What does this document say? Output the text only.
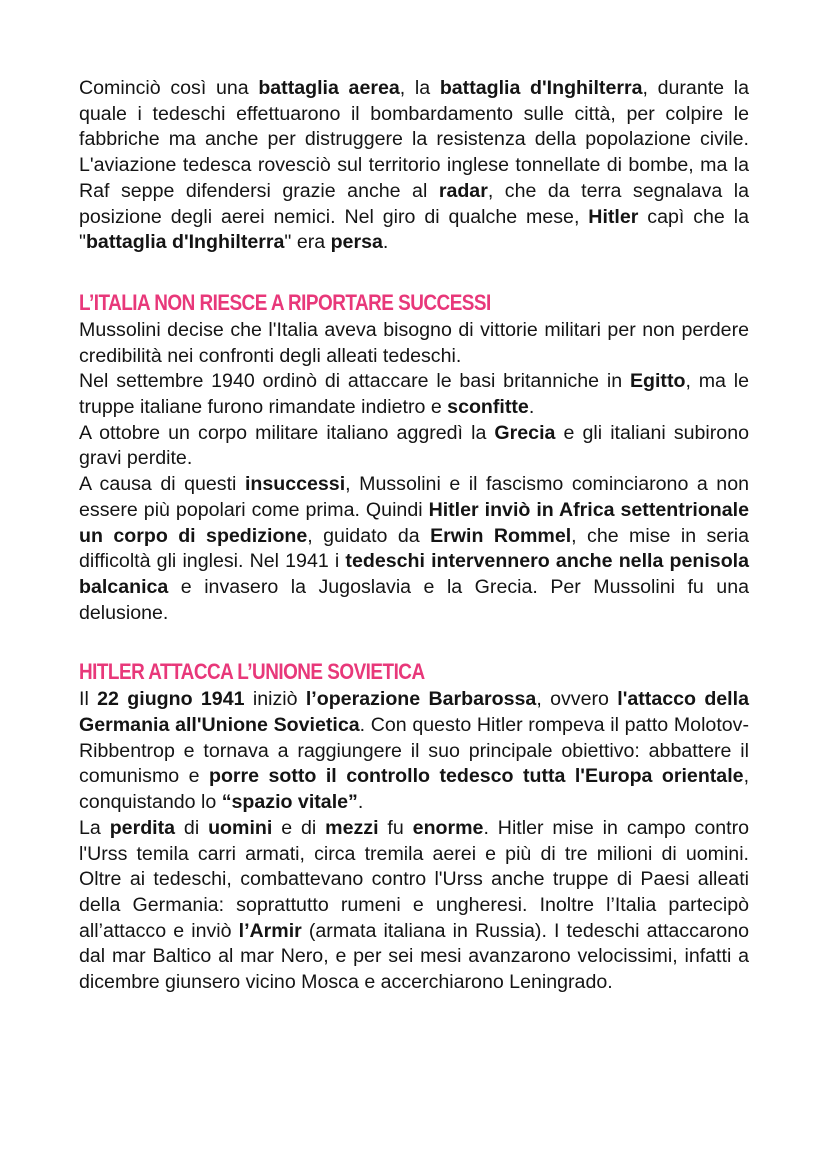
Cominciò così una battaglia aerea, la battaglia d'Inghilterra, durante la quale i tedeschi effettuarono il bombardamento sulle città, per colpire le fabbriche ma anche per distruggere la resistenza della popolazione civile. L'aviazione tedesca rovesciò sul territorio inglese tonnellate di bombe, ma la Raf seppe difendersi grazie anche al radar, che da terra segnalava la posizione degli aerei nemici. Nel giro di qualche mese, Hitler capì che la "battaglia d'Inghilterra" era persa.

L’ITALIA NON RIESCE A RIPORTARE SUCCESSI

Mussolini decise che l'Italia aveva bisogno di vittorie militari per non perdere credibilità nei confronti degli alleati tedeschi.

Nel settembre 1940 ordinò di attaccare le basi britanniche in Egitto, ma le truppe italiane furono rimandate indietro e sconfitte.

A ottobre un corpo militare italiano aggredì la Grecia e gli italiani subirono gravi perdite.

A causa di questi insuccessi, Mussolini e il fascismo cominciarono a non essere più popolari come prima. Quindi Hitler inviò in Africa settentrionale un corpo di spedizione, guidato da Erwin Rommel, che mise in seria difficoltà gli inglesi. Nel 1941 i tedeschi intervennero anche nella penisola balcanica e invasero la Jugoslavia e la Grecia. Per Mussolini fu una delusione.

HITLER ATTACCA L’UNIONE SOVIETICA

Il 22 giugno 1941 iniziò l’operazione Barbarossa, ovvero l'attacco della Germania all'Unione Sovietica. Con questo Hitler rompeva il patto Molotov-Ribbentrop e tornava a raggiungere il suo principale obiettivo: abbattere il comunismo e porre sotto il controllo tedesco tutta l'Europa orientale, conquistando lo “spazio vitale”.

La perdita di uomini e di mezzi fu enorme. Hitler mise in campo contro l'Urss temila carri armati, circa tremila aerei e più di tre milioni di uomini. Oltre ai tedeschi, combattevano contro l'Urss anche truppe di Paesi alleati della Germania: soprattutto rumeni e ungheresi. Inoltre l’Italia partecipò all’attacco e inviò l’Armir (armata italiana in Russia). I tedeschi attaccarono dal mar Baltico al mar Nero, e per sei mesi avanzarono velocissimi, infatti a dicembre giunsero vicino Mosca e accerchiarono Leningrado.
